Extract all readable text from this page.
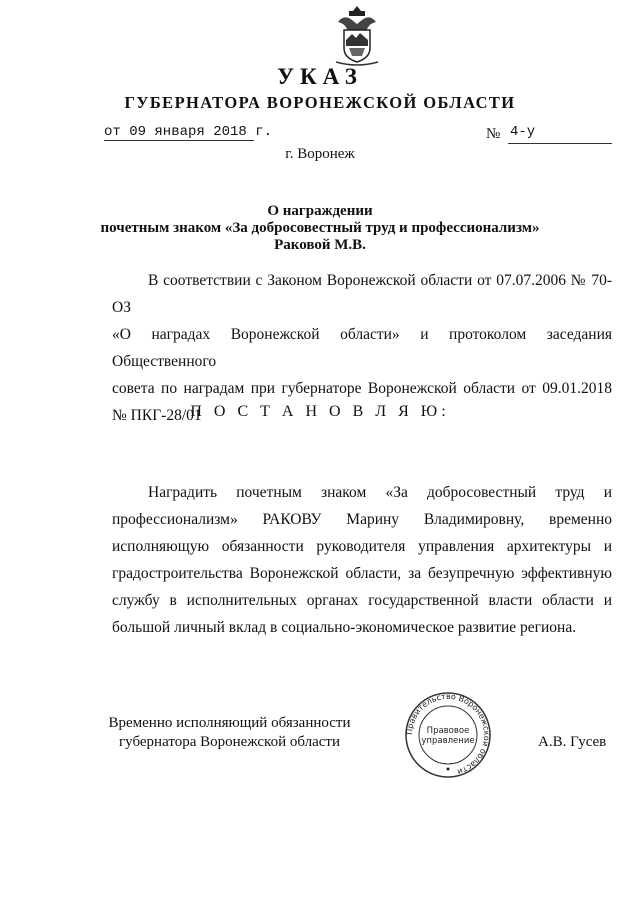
УКАЗ
ГУБЕРНАТОРА ВОРОНЕЖСКОЙ ОБЛАСТИ
от 09 января 2018 г.	№ 4-у
г. Воронеж
О награждении
почетным знаком «За добросовестный труд и профессионализм»
Раковой М.В.
В соответствии с Законом Воронежской области от 07.07.2006 № 70-ОЗ
«О наградах Воронежской области» и протоколом заседания Общественного
совета по наградам при губернаторе Воронежской области от 09.01.2018
№ ПКГ-28/01
П О С Т А Н О В Л Я Ю:
Наградить почетным знаком «За добросовестный труд и
профессионализм» РАКОВУ Марину Владимировну, временно
исполняющую обязанности руководителя управления архитектуры и
градостроительства Воронежской области, за безупречную эффективную
службу в исполнительных органах государственной власти области и
большой личный вклад в социально-экономическое развитие региона.
Временно исполняющий обязанности
губернатора Воронежской области
Правительство Воронежской области
Правовое
управление	А.В. Гусев
